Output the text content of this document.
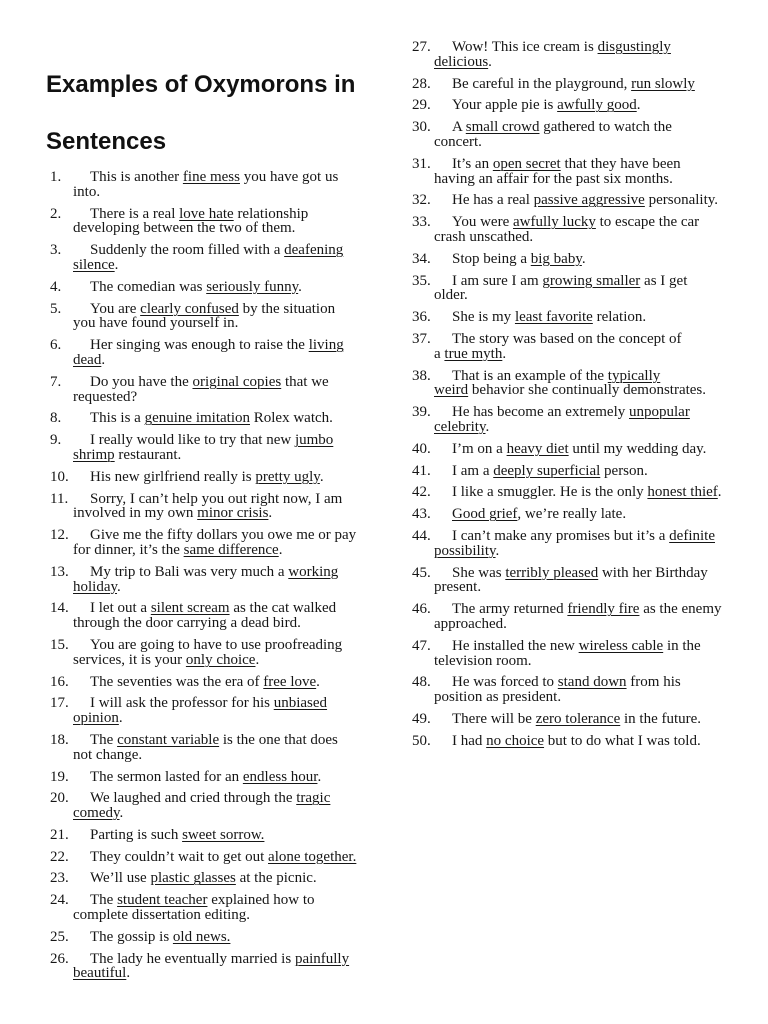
Examples of Oxymorons in
Sentences
1.	This is another fine mess you have got us
into.
2.	There is a real love hate relationship
developing between the two of them.
3.	Suddenly the room filled with a deafening
silence.
4.	The comedian was seriously funny.
5.	You are clearly confused by the situation
you have found yourself in.
6.	Her singing was enough to raise the living
dead.
7.	Do you have the original copies that we
requested?
8.	This is a genuine imitation Rolex watch.
9.	I really would like to try that new jumbo
shrimp restaurant.
10.	His new girlfriend really is pretty ugly.
11.	Sorry, I can’t help you out right now, I am
involved in my own minor crisis.
12.	Give me the fifty dollars you owe me or pay
for dinner, it’s the same difference.
13.	My trip to Bali was very much a working
holiday.
14.	I let out a silent scream as the cat walked
through the door carrying a dead bird.
15.	You are going to have to use proofreading
services, it is your only choice.
16.	The seventies was the era of free love.
17.	I will ask the professor for his unbiased
opinion.
18.	The constant variable is the one that does
not change.
19.	The sermon lasted for an endless hour.
20.	We laughed and cried through the tragic
comedy.
21.	Parting is such sweet sorrow.
22.	They couldn’t wait to get out alone together.
23.	We’ll use plastic glasses at the picnic.
24.	The student teacher explained how to
complete dissertation editing.
25.	The gossip is old news.
26.	The lady he eventually married is painfully
beautiful.
27.	Wow! This ice cream is disgustingly
delicious.
28.	Be careful in the playground, run slowly
29.	Your apple pie is awfully good.
30.	A small crowd gathered to watch the
concert.
31.	It’s an open secret that they have been
having an affair for the past six months.
32.	He has a real passive aggressive personality.
33.	You were awfully lucky to escape the car
crash unscathed.
34.	Stop being a big baby.
35.	I am sure I am growing smaller as I get
older.
36.	She is my least favorite relation.
37.	The story was based on the concept of
a true myth.
38.	That is an example of the typically
weird behavior she continually demonstrates.
39.	He has become an extremely unpopular
celebrity.
40.	I’m on a heavy diet until my wedding day.
41.	I am a deeply superficial person.
42.	I like a smuggler. He is the only honest thief.
43.	Good grief, we’re really late.
44.	I can’t make any promises but it’s a definite
possibility.
45.	She was terribly pleased with her Birthday
present.
46.	The army returned friendly fire as the enemy
approached.
47.	He installed the new wireless cable in the
television room.
48.	He was forced to stand down from his
position as president.
49.	There will be zero tolerance in the future.
50.	I had no choice but to do what I was told.
